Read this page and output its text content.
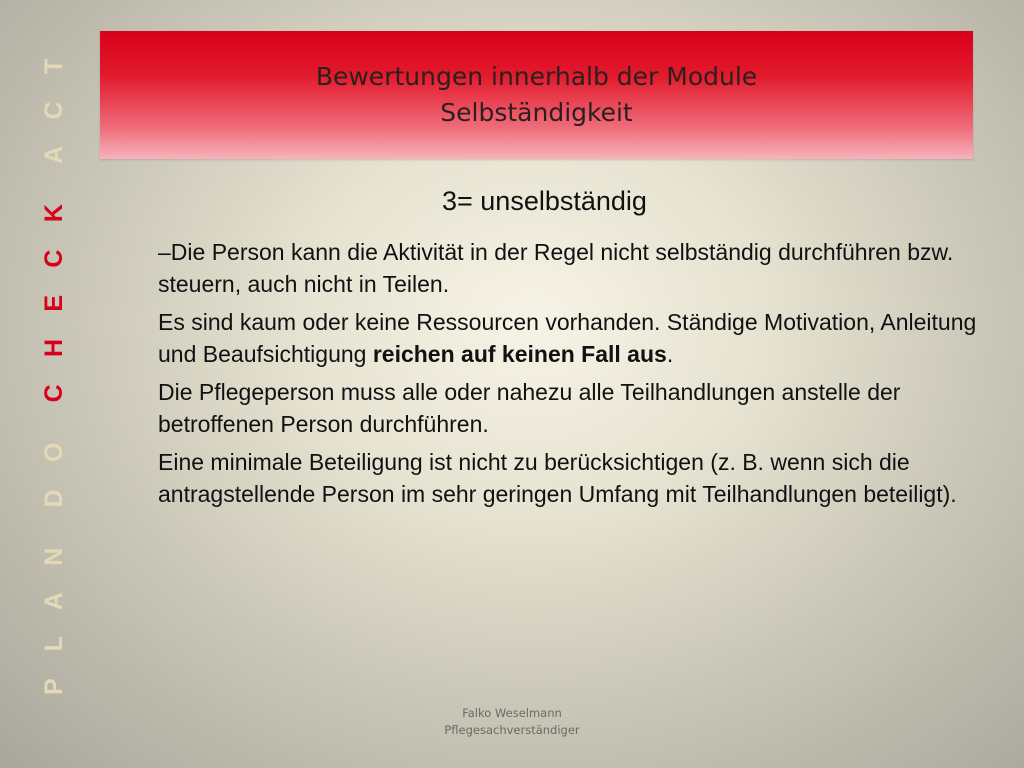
Bewertungen innerhalb der Module
Selbständigkeit
P L A ND OC H E C KA C T
3= unselbständig

–Die Person kann die Aktivität in der Regel nicht selbständig durchführen bzw. steuern, auch nicht in Teilen.

Es sind kaum oder keine Ressourcen vorhanden. Ständige Motivation, Anleitung und Beaufsichtigung reichen auf keinen Fall aus.

Die Pflegeperson muss alle oder nahezu alle Teilhandlungen anstelle der betroffenen Person durchführen.

Eine minimale Beteiligung ist nicht zu berücksichtigen (z. B. wenn sich die antragstellende Person im sehr geringen Umfang mit Teilhandlungen beteiligt).

Falko Weselmann
Pflegesachverständiger
